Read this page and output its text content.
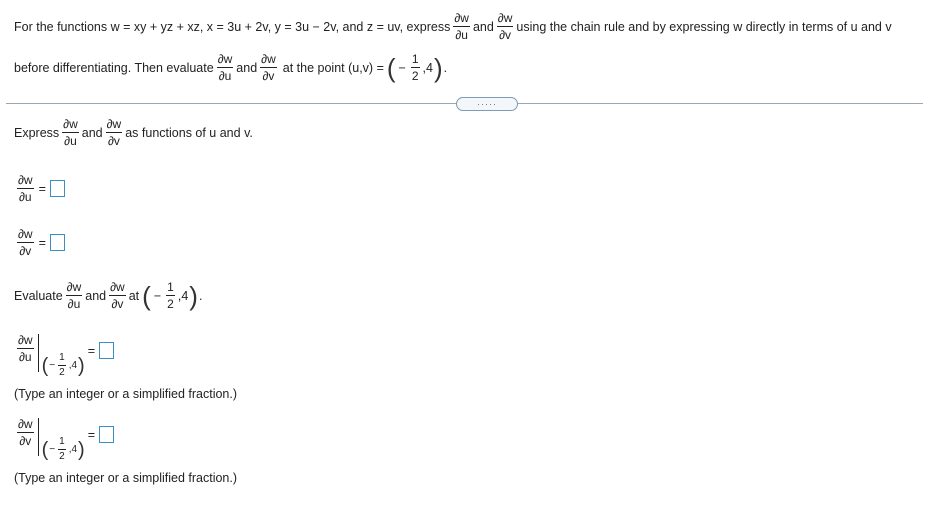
For the functions w = xy + yz + xz, x = 3u + 2v, y = 3u − 2v, and z = uv, express $\frac{\partial w}{\partial u}$ and $\frac{\partial w}{\partial v}$ using the chain rule and by expressing w directly in terms of u and v
before differentiating. Then evaluate $\frac{\partial w}{\partial u}$ and $\frac{\partial w}{\partial v}$ at the point (u,v) = ( − $\frac{1}{2} ,4$ ) .
·····
Express $\frac{\partial w}{\partial u}$ and $\frac{\partial w}{\partial v}$ as functions of u and v.
$\frac{\partial w}{\partial u}$ =
$\frac{\partial w}{\partial v}$ =
Evaluate $\frac{\partial w}{\partial u}$ and $\frac{\partial w}{\partial v}$ at ( − $\frac{1}{2} ,4$ ) .
$\frac{\partial w}{\partial u}$
( − $\frac{1}{2} ,4$ )
=
(Type an integer or a simplified fraction.)
$\frac{\partial w}{\partial v}$
( − $\frac{1}{2} ,4$ )
=
(Type an integer or a simplified fraction.)
